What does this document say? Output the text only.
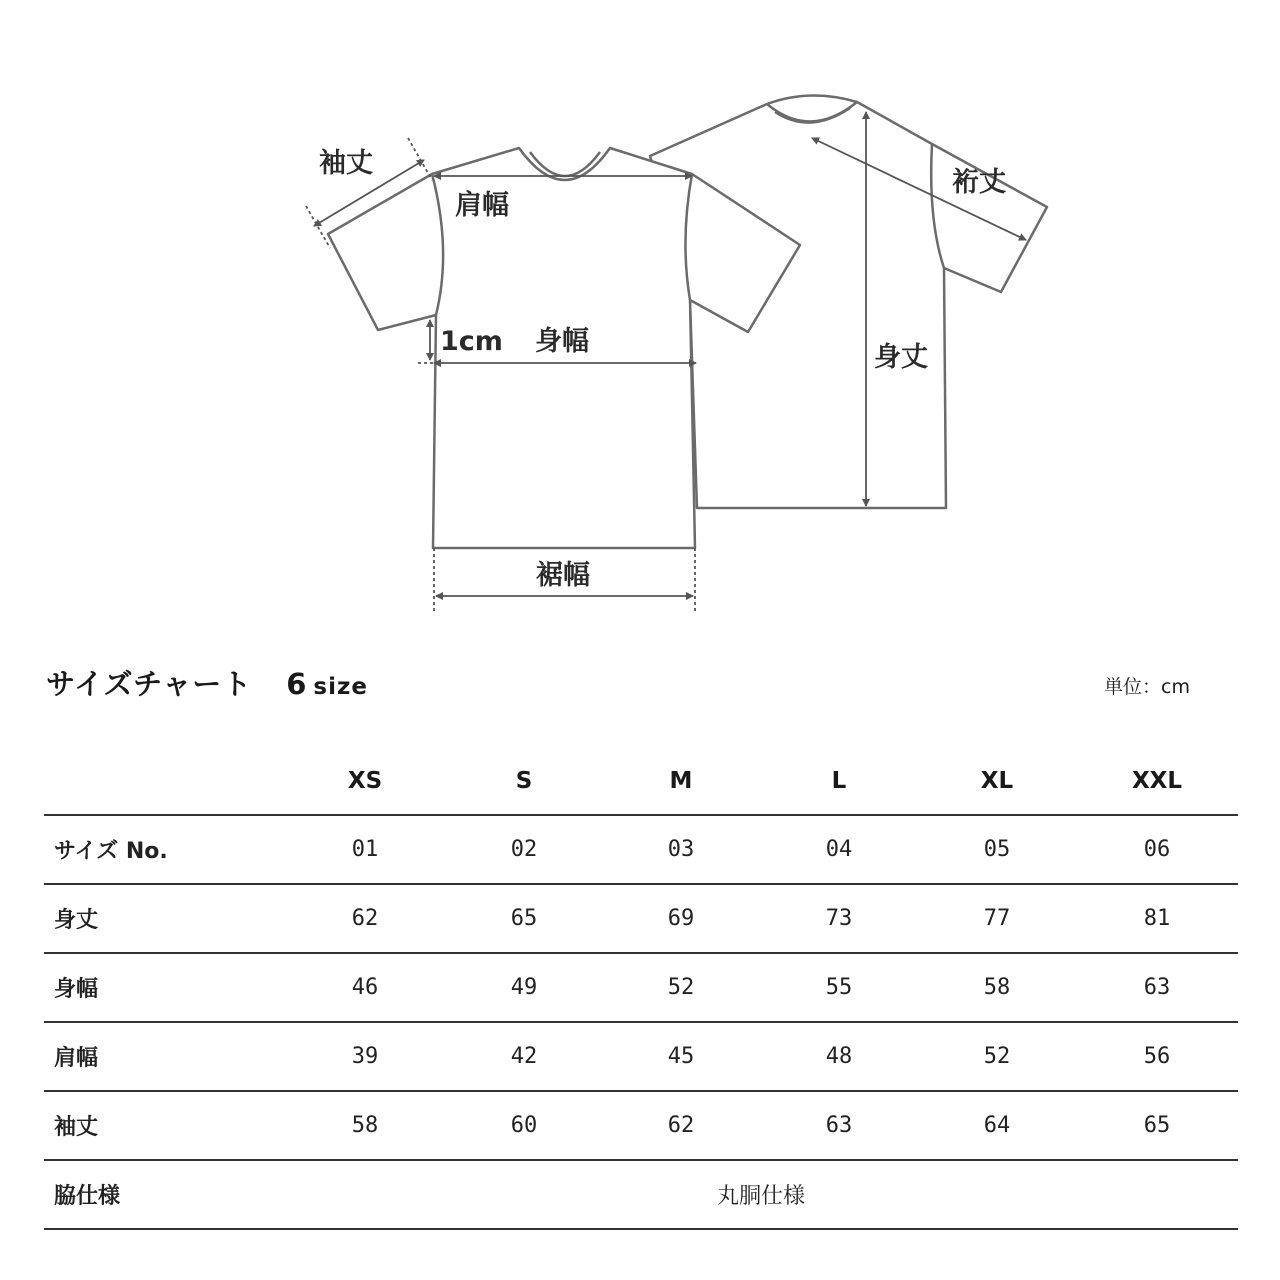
袖丈
肩幅
1cm 身幅
裾幅
身丈
裄丈
サイズチャート 6 size	単位：cm
	XS	S	M	L	XL	XXL
サイズ No.	01	02	03	04	05	06
身丈	62	65	69	73	77	81
身幅	46	49	52	55	58	63
肩幅	39	42	45	48	52	56
袖丈	58	60	62	63	64	65
脇仕様	丸胴仕様					
